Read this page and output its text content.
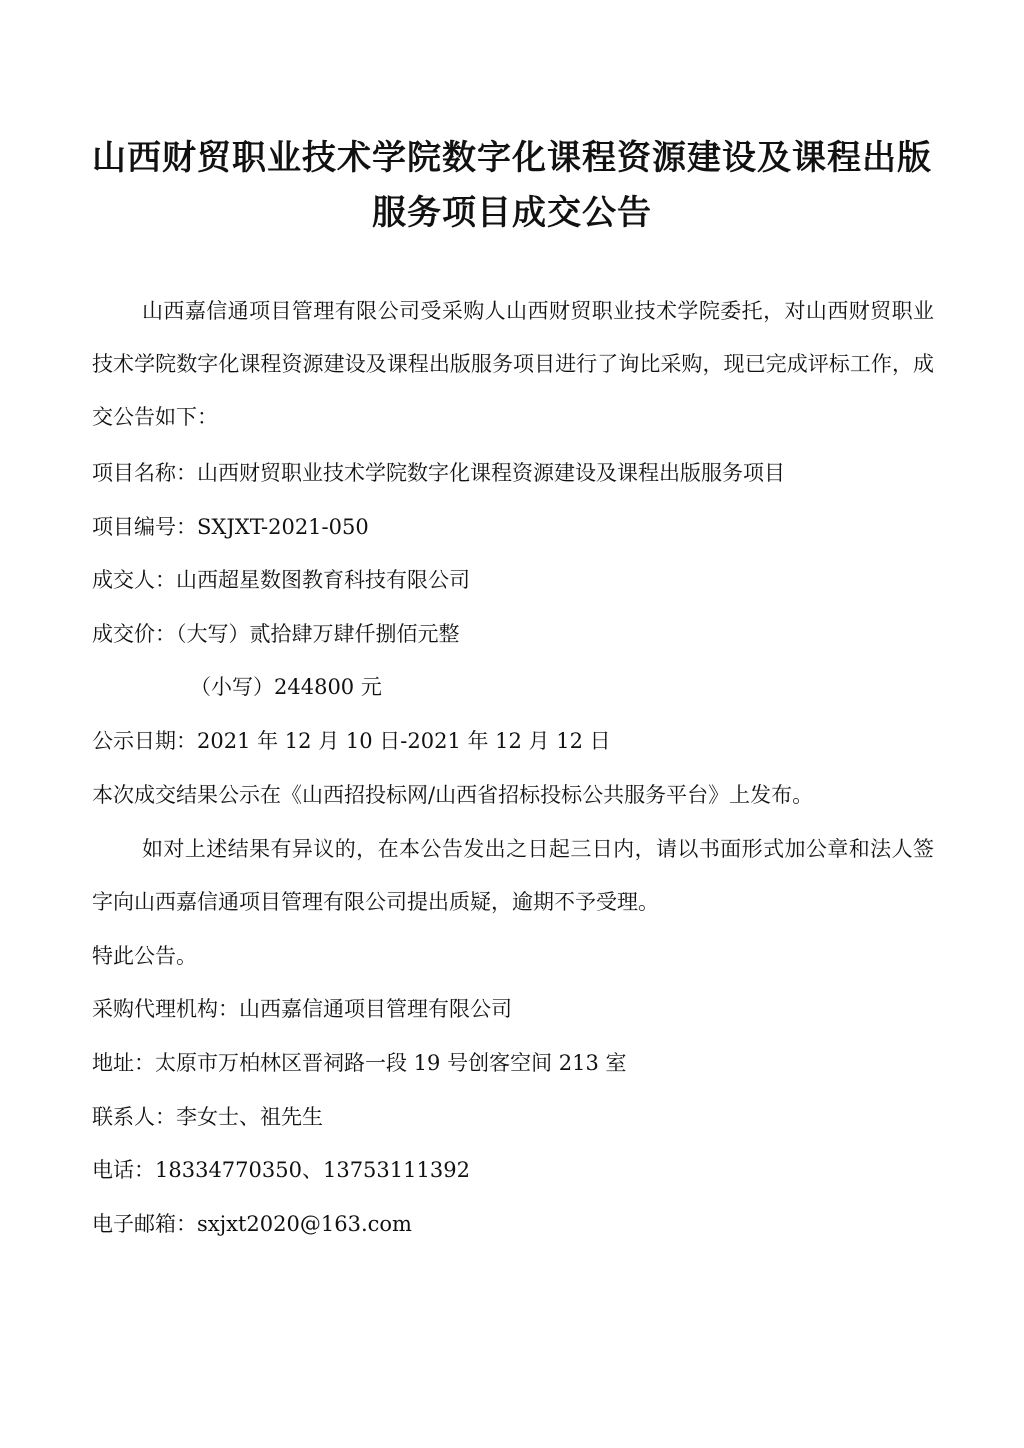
山西财贸职业技术学院数字化课程资源建设及课程出版
服务项目成交公告

山西嘉信通项目管理有限公司受采购人山西财贸职业技术学院委托，对山西财贸职业技术学院数字化课程资源建设及课程出版服务项目进行了询比采购，现已完成评标工作，成交公告如下：

项目名称：山西财贸职业技术学院数字化课程资源建设及课程出版服务项目

项目编号：SXJXT-2021-050

成交人：山西超星数图教育科技有限公司

成交价：（大写）贰拾肆万肆仟捌佰元整

（小写）244800 元

公示日期：2021 年 12 月 10 日-2021 年 12 月 12 日

本次成交结果公示在《山西招投标网/山西省招标投标公共服务平台》上发布。

如对上述结果有异议的，在本公告发出之日起三日内，请以书面形式加公章和法人签字向山西嘉信通项目管理有限公司提出质疑，逾期不予受理。

特此公告。

采购代理机构：山西嘉信通项目管理有限公司

地址：太原市万柏林区晋祠路一段 19 号创客空间 213 室

联系人：李女士、祖先生

电话：18334770350、13753111392

电子邮箱：sxjxt2020@163.com
